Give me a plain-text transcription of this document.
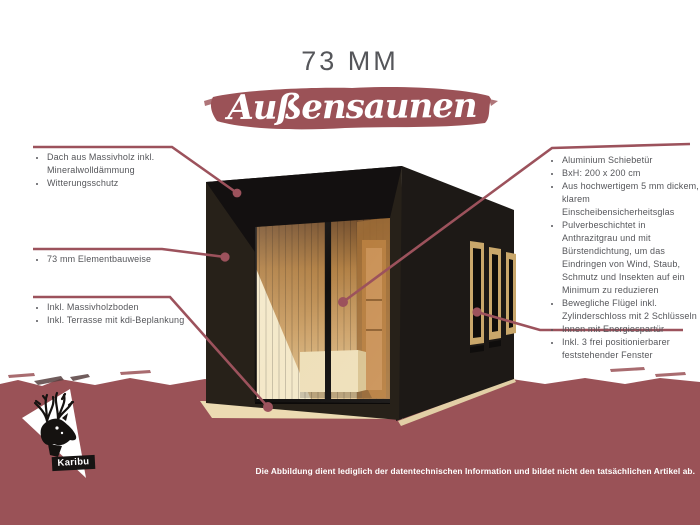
73 MM
Außensaunen
• Dach aus Massivholz inkl. Mineralwolldämmung
• Witterungsschutz
• 73 mm Elementbauweise
• Inkl. Massivholzboden
• Inkl. Terrasse mit kdi-Beplankung
• Aluminium Schiebetür
• BxH: 200 x 200 cm
• Aus hochwertigem 5 mm dickem, klarem Einscheibensicherheitsglas
• Pulverbeschichtet in Anthrazitgrau und mit Bürstendichtung, um das Eindringen von Wind, Staub, Schmutz und Insekten auf ein Minimum zu reduzieren
• Bewegliche Flügel inkl. Zylinderschloss mit 2 Schlüsseln
• Innen mit Energiespartür
• Inkl. 3 frei positionierbarer feststehender Fenster
Die Abbildung dient lediglich der datentechnischen Information und bildet nicht den tatsächlichen Artikel ab.
Karibu
